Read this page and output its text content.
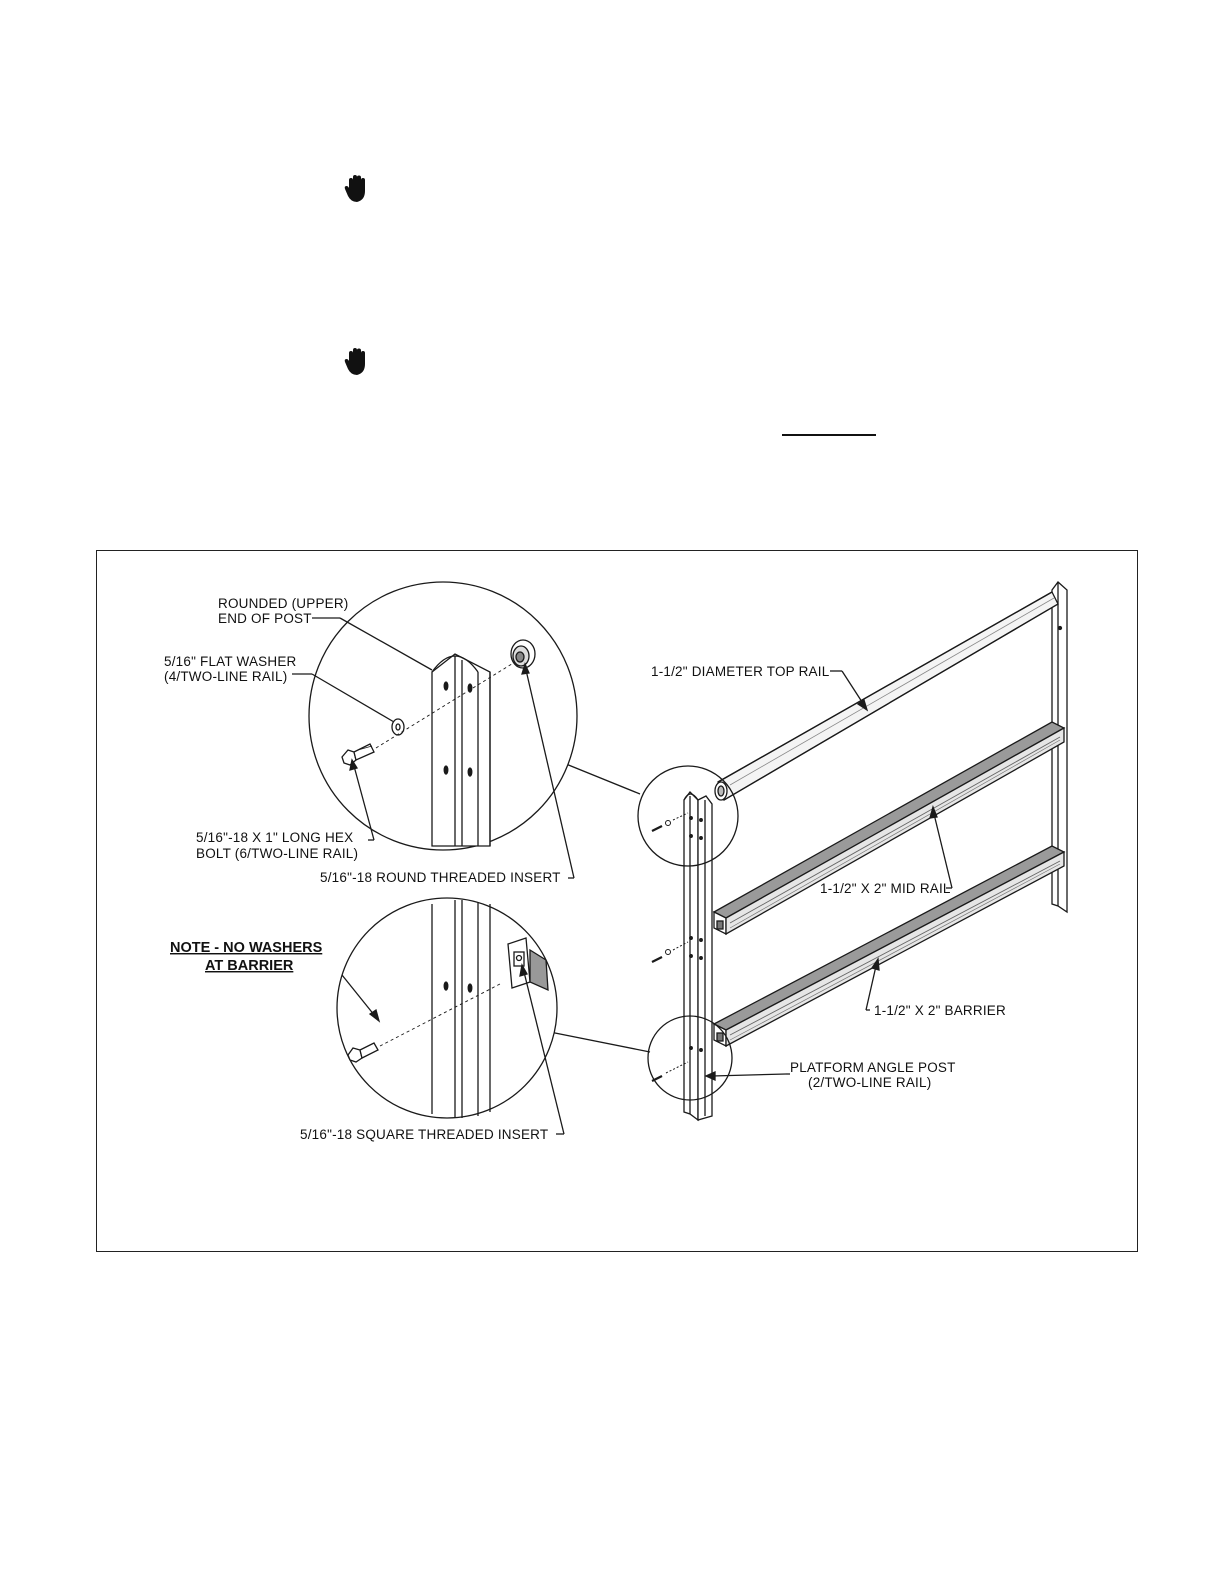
ROUNDED (UPPER)
END OF POST
5/16" FLAT WASHER
(4/TWO-LINE RAIL)
5/16"-18 X 1" LONG HEX
BOLT (6/TWO-LINE RAIL)
5/16"-18 ROUND THREADED INSERT
NOTE - NO WASHERS
AT BARRIER
5/16"-18 SQUARE THREADED INSERT
1-1/2" DIAMETER TOP RAIL
1-1/2" X 2" MID RAIL
1-1/2" X 2" BARRIER
PLATFORM ANGLE POST
(2/TWO-LINE RAIL)
